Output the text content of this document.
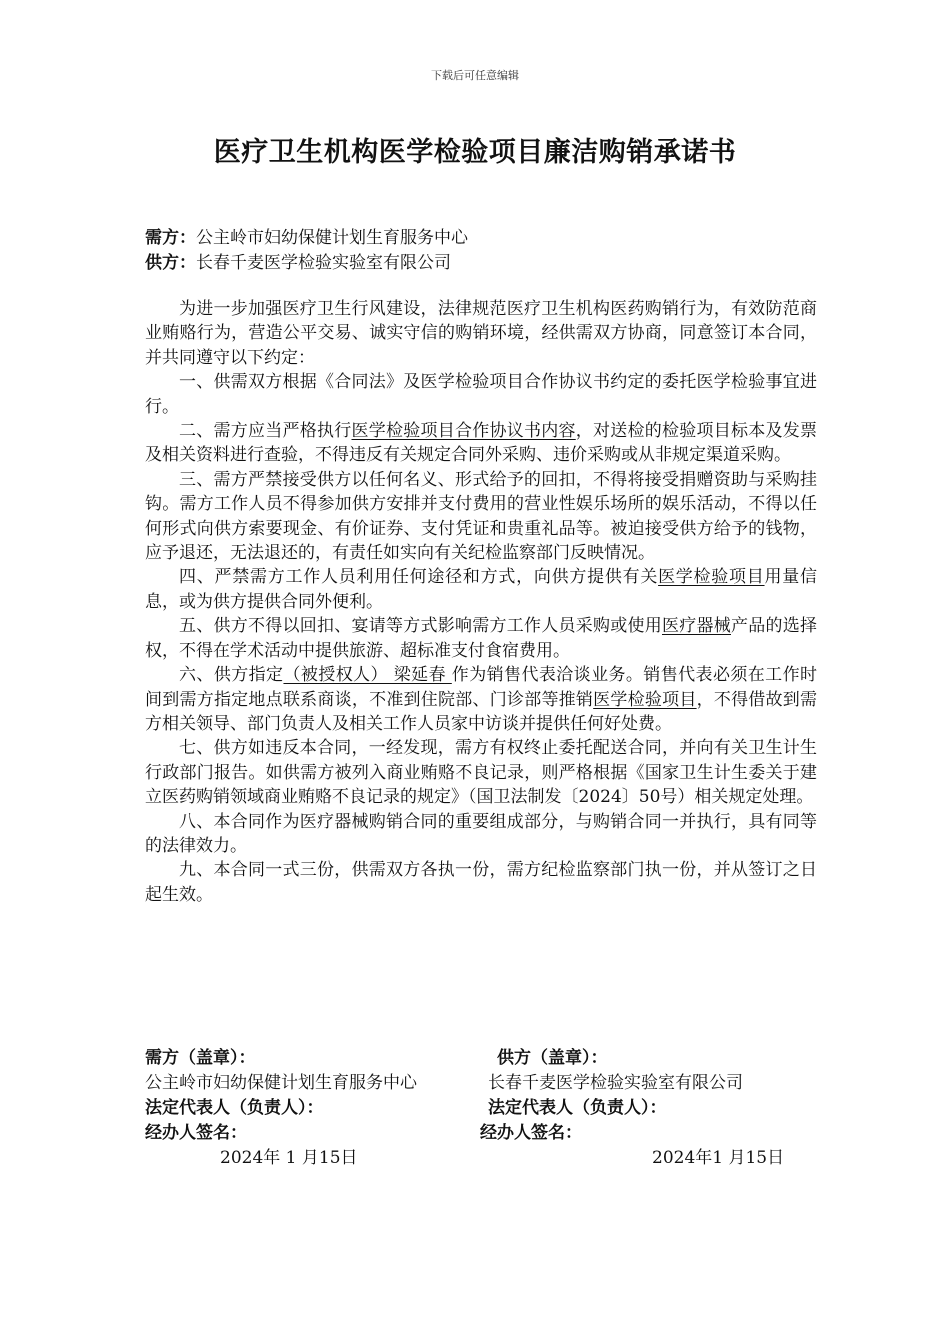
下载后可任意编辑
医疗卫生机构医学检验项目廉洁购销承诺书
需方：公主岭市妇幼保健计划生育服务中心
供方：长春千麦医学检验实验室有限公司

为进一步加强医疗卫生行风建设，法律规范医疗卫生机构医药购销行为，有效防范商业贿赂行为，营造公平交易、诚实守信的购销环境，经供需双方协商，同意签订本合同，并共同遵守以下约定：

一、供需双方根据《合同法》及医学检验项目合作协议书约定的委托医学检验事宜进行。

二、需方应当严格执行医学检验项目合作协议书内容，对送检的检验项目标本及发票及相关资料进行查验，不得违反有关规定合同外采购、违价采购或从非规定渠道采购。

三、需方严禁接受供方以任何名义、形式给予的回扣，不得将接受捐赠资助与采购挂钩。需方工作人员不得参加供方安排并支付费用的营业性娱乐场所的娱乐活动，不得以任何形式向供方索要现金、有价证券、支付凭证和贵重礼品等。被迫接受供方给予的钱物，应予退还，无法退还的，有责任如实向有关纪检监察部门反映情况。

四、严禁需方工作人员利用任何途径和方式，向供方提供有关医学检验项目用量信息，或为供方提供合同外便利。

五、供方不得以回扣、宴请等方式影响需方工作人员采购或使用医疗器械产品的选择权，不得在学术活动中提供旅游、超标准支付食宿费用。

六、供方指定（被授权人） 梁延春 作为销售代表洽谈业务。销售代表必须在工作时间到需方指定地点联系商谈，不准到住院部、门诊部等推销医学检验项目，不得借故到需方相关领导、部门负责人及相关工作人员家中访谈并提供任何好处费。

七、供方如违反本合同，一经发现，需方有权终止委托配送合同，并向有关卫生计生行政部门报告。如供需方被列入商业贿赂不良记录，则严格根据《国家卫生计生委关于建立医药购销领域商业贿赂不良记录的规定》（国卫法制发〔2024〕50号）相关规定处理。

八、本合同作为医疗器械购销合同的重要组成部分，与购销合同一并执行，具有同等的法律效力。

九、本合同一式三份，供需双方各执一份，需方纪检监察部门执一份，并从签订之日起生效。

需方（盖章）：	供方（盖章）：
公主岭市妇幼保健计划生育服务中心	长春千麦医学检验实验室有限公司
法定代表人（负责人）：	法定代表人（负责人）：
经办人签名：	经办人签名：
2024年 1 月15日	2024年1 月15日
